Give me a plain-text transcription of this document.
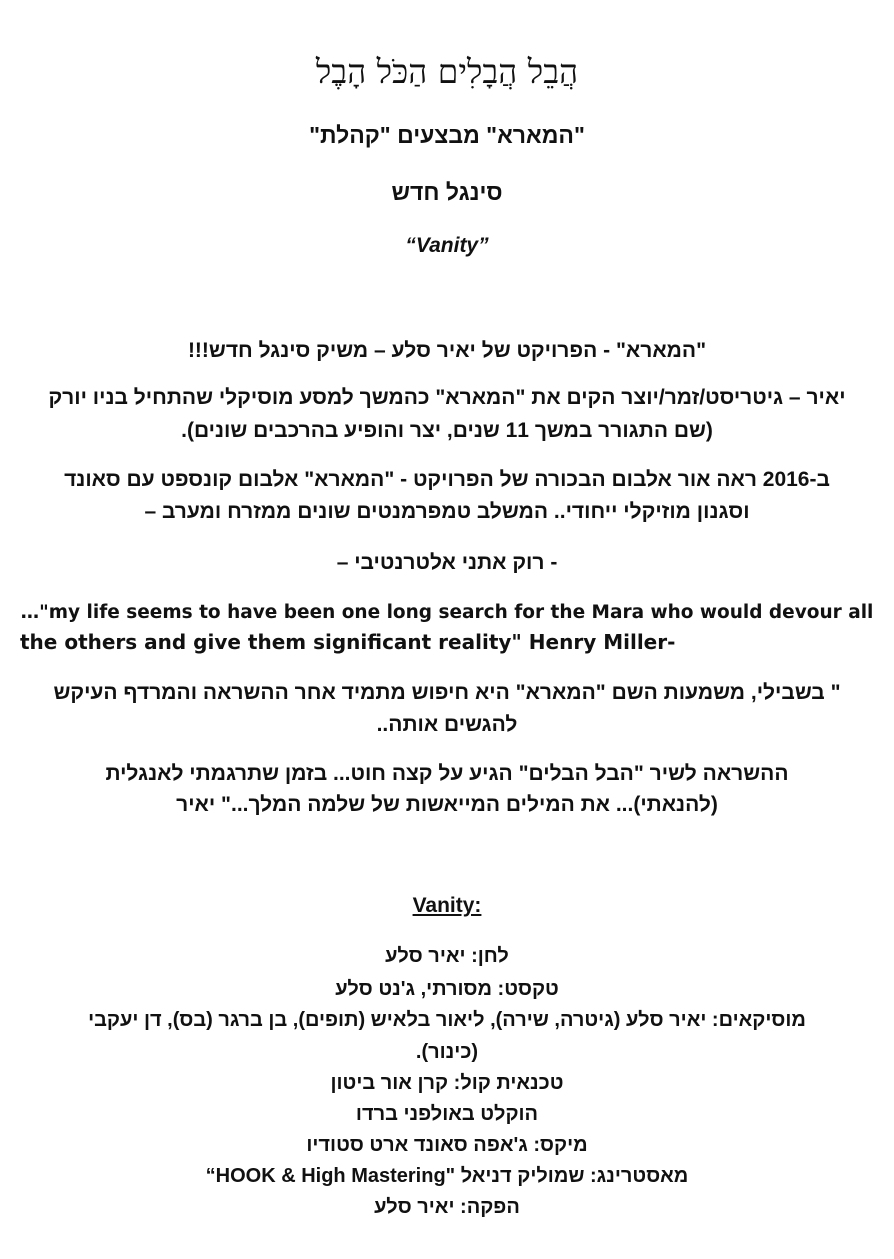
הֲבֵל הֲבָלִים הַכֹּל הָבֶל
"המארא" מבצעים "קהלת"
סינגל חדש
“Vanity”
"המארא" - הפרויקט של יאיר סלע – משיק סינגל חדש!!!
יאיר – גיטריסט/זמר/יוצר הקים את "המארא" כהמשך למסע מוסיקלי שהתחיל בניו יורק
(שם התגורר במשך 11 שנים, יצר והופיע בהרכבים שונים).
ב-2016 ראה אור אלבום הבכורה של הפרויקט - "המארא" אלבום קונספט עם סאונד
וסגנון מוזיקלי ייחודי.. המשלב טמפרמנטים שונים ממזרח ומערב –
- רוק אתני אלטרנטיבי –
…"my life seems to have been one long search for the Mara who would devour all
the others and give them significant reality" Henry Miller-
" בשבילי, משמעות השם "המארא" היא חיפוש מתמיד אחר ההשראה והמרדף העיקש
להגשים אותה..
ההשראה לשיר "הבל הבלים" הגיע על קצה חוט... בזמן שתרגמתי לאנגלית
(להנאתי)... את המילים המייאשות של שלמה המלך..." יאיר
Vanity:
לחן: יאיר סלע
טקסט: מסורתי, ג'נט סלע
מוסיקאים: יאיר סלע (גיטרה, שירה), ליאור בלאיש (תופים), בן ברגר (בס), דן יעקבי
(כינור).
טכנאית קול: קרן אור ביטון
הוקלט באולפני ברדו
מיקס: ג'אפה סאונד ארט סטודיו
מאסטרינג: שמוליק דניאל "HOOK & High Mastering“
הפקה: יאיר סלע
